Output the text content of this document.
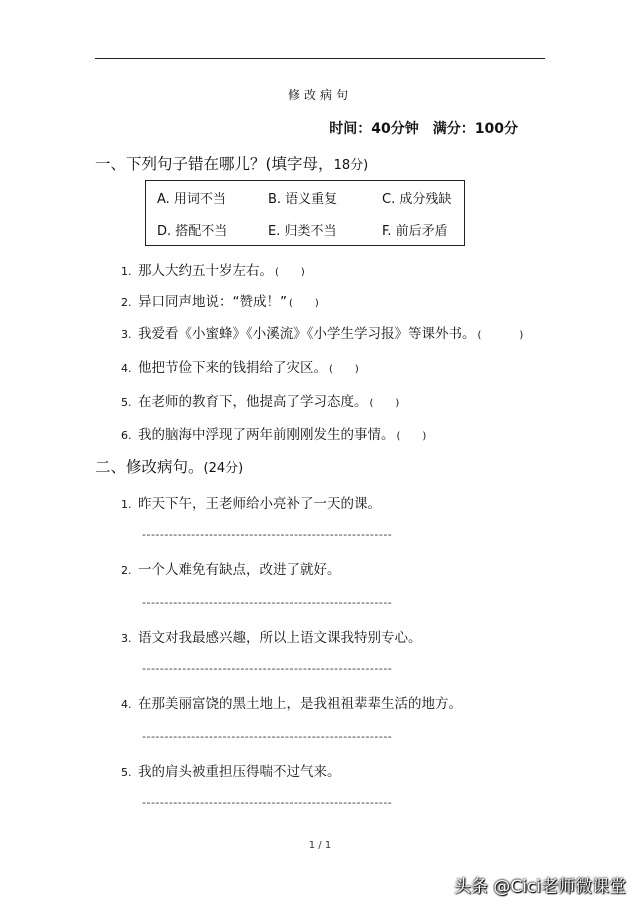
修改病句
时间：40分钟 满分：100分
一、下列句子错在哪儿？(填字母，18分)
A. 用词不当	B. 语义重复	C. 成分残缺
D. 搭配不当	E. 归类不当	F. 前后矛盾
1. 那人大约五十岁左右。 ( )
2. 异口同声地说：“赞成！” ( )
3. 我爱看《小蜜蜂》《小溪流》《小学生学习报》等课外书。 (	)
4. 他把节俭下来的钱捐给了灾区。 ( )
5. 在老师的教育下，他提高了学习态度。 ( )
6. 我的脑海中浮现了两年前刚刚发生的事情。 ( )
二、修改病句。(24分)
1. 昨天下午，王老师给小亮补了一天的课。
--------------------------------------------------------
2. 一个人难免有缺点，改进了就好。
--------------------------------------------------------
3. 语文对我最感兴趣，所以上语文课我特别专心。
--------------------------------------------------------
4. 在那美丽富饶的黑土地上，是我祖祖辈辈生活的地方。
--------------------------------------------------------
5. 我的肩头被重担压得喘不过气来。
--------------------------------------------------------
1 / 1
头条 @Cici老师微课堂
